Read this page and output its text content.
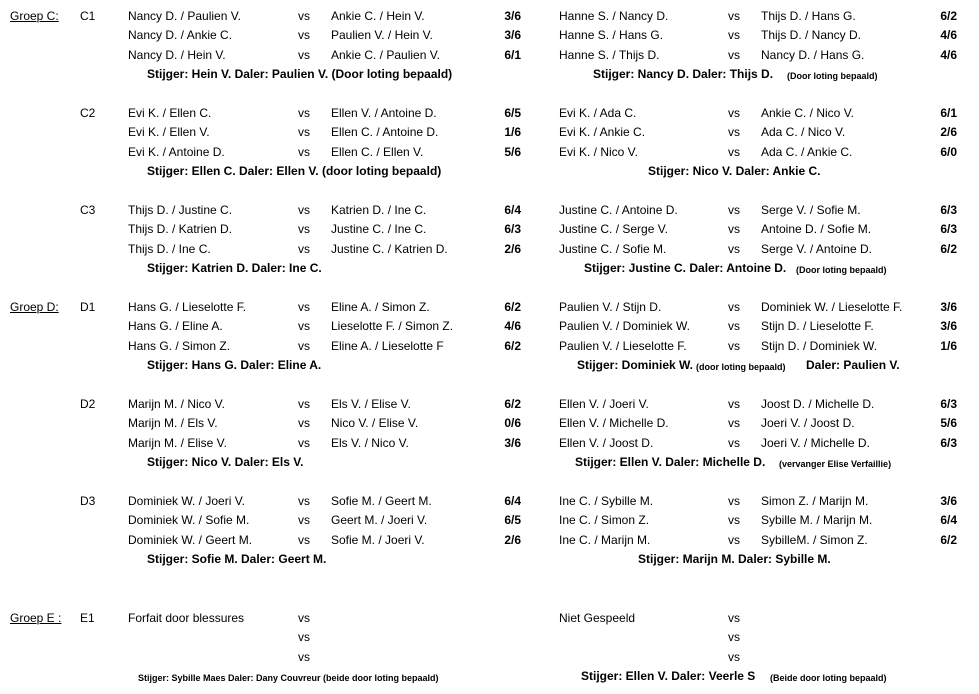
Groep C: C1	Nancy D. / Paulien V.	vs Ankie C. / Hein V.	3/6
Nancy D. / Ankie C.	vs Paulien V. / Hein V.	3/6
Nancy D. / Hein V.	vs Ankie C. / Paulien V.	6/1
Hanne S. / Nancy D.	vs Thijs D. / Hans G.	6/2
Hanne S. / Hans G.	vs Thijs D. / Nancy D.	4/6
Hanne S. / Thijs D.	vs Nancy D. / Hans G.	4/6
Stijger: Hein V. Daler: Paulien V. (Door loting bepaald)	Stijger: Nancy D. Daler: Thijs D. (Door loting bepaald)
C2	Evi K. / Ellen C.	vs Ellen V. / Antoine D.	6/5
Evi K. / Ellen V.	vs Ellen C. / Antoine D.	1/6
Evi K. / Antoine D.	vs Ellen C. / Ellen V.	5/6
Evi K. / Ada C.	vs Ankie C. / Nico V.	6/1
Evi K. / Ankie C.	vs Ada C. / Nico V.	2/6
Evi K. / Nico V.	vs Ada C. / Ankie C.	6/0
Stijger: Ellen C. Daler: Ellen V. (door loting bepaald)	Stijger: Nico V. Daler: Ankie C.
C3	Thijs D. / Justine C.	vs Katrien D. / Ine C.	6/4
Thijs D. / Katrien D.	vs Justine C. / Ine C.	6/3
Thijs D. / Ine C.	vs Justine C. / Katrien D.	2/6
Justine C. / Antoine D.	vs Serge V. / Sofie M.	6/3
Justine C. / Serge V.	vs Antoine D. / Sofie M.	6/3
Justine C. / Sofie M.	vs Serge V. / Antoine D.	6/2
Stijger: Katrien D. Daler: Ine C.	Stijger: Justine C. Daler: Antoine D. (Door loting bepaald)
Groep D: D1	Hans G. / Lieselotte F.	vs Eline A. / Simon Z.	6/2
Hans G. / Eline A.	vs Lieselotte F. / Simon Z.	4/6
Hans G. / Simon Z.	vs Eline A. / Lieselotte F	6/2
Paulien V. / Stijn D.	vs Dominiek W. / Lieselotte F.	3/6
Paulien V. / Dominiek W.	vs Stijn D. / Lieselotte F.	3/6
Paulien V. / Lieselotte F.	vs Stijn D. / Dominiek W.	1/6
Stijger: Hans G. Daler: Eline A.	Stijger: Dominiek W. (door loting bepaald) Daler: Paulien V.
D2	Marijn M. / Nico V.	vs Els V. / Elise V.	6/2
Marijn M. / Els V.	vs Nico V. / Elise V.	0/6
Marijn M. / Elise V.	vs Els V. / Nico V.	3/6
Ellen V. / Joeri V.	vs Joost D. / Michelle D.	6/3
Ellen V. / Michelle D.	vs Joeri V. / Joost D.	5/6
Ellen V. / Joost D.	vs Joeri V. / Michelle D.	6/3
Stijger: Nico V. Daler: Els V.	Stijger: Ellen V. Daler: Michelle D. (vervanger Elise Verfaillie)
D3	Dominiek W. / Joeri V.	vs Sofie M. / Geert M.	6/4
Dominiek W. / Sofie M.	vs Geert M. / Joeri V.	6/5
Dominiek W. / Geert M.	vs Sofie M. / Joeri V.	2/6
Ine C. / Sybille M.	vs Simon Z. / Marijn M.	3/6
Ine C. / Simon Z.	vs Sybille M. / Marijn M.	6/4
Ine C. / Marijn M.	vs SybilleM. / Simon Z.	6/2
Stijger: Sofie M. Daler: Geert M.	Stijger: Marijn M. Daler: Sybille M.
Groep E : E1	Forfait door blessures	vs
vs
vs
Niet Gespeeld	vs
vs
vs
Stijger: Sybille Maes Daler: Dany Couvreur (beide door loting bepaald)	Stijger: Ellen V. Daler: Veerle S (Beide door loting bepaald)
